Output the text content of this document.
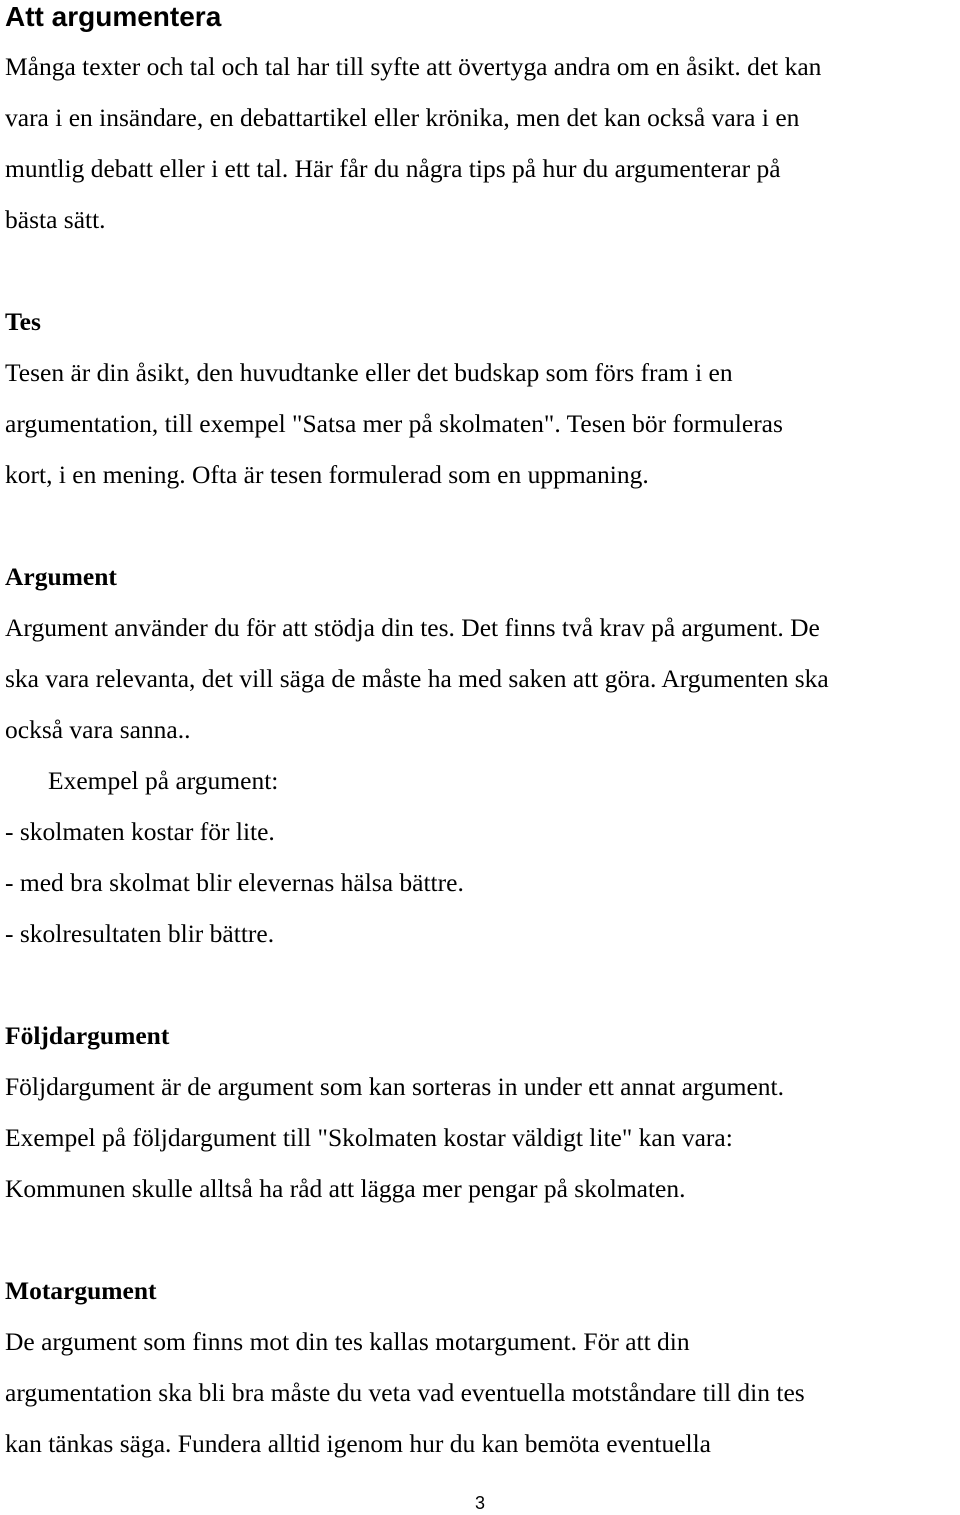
Att argumentera
Många texter och tal och tal har till syfte att övertyga andra om en åsikt. det kan
vara i en insändare, en debattartikel eller krönika, men det kan också vara i en
muntlig debatt eller i ett tal. Här får du några tips på hur du argumenterar på
bästa sätt.
Tes
Tesen är din åsikt, den huvudtanke eller det budskap som förs fram i en
argumentation, till exempel "Satsa mer på skolmaten". Tesen bör formuleras
kort, i en mening. Ofta är tesen formulerad som en uppmaning.
Argument
Argument använder du för att stödja din tes. Det finns två krav på argument. De
ska vara relevanta, det vill säga de måste ha med saken att göra. Argumenten ska
också vara sanna..
Exempel på argument:
- skolmaten kostar för lite.
- med bra skolmat blir elevernas hälsa bättre.
- skolresultaten blir bättre.
Följdargument
Följdargument är de argument som kan sorteras in under ett annat argument.
Exempel på följdargument till "Skolmaten kostar väldigt lite" kan vara:
Kommunen skulle alltså ha råd att lägga mer pengar på skolmaten.
Motargument
De argument som finns mot din tes kallas motargument. För att din
argumentation ska bli bra måste du veta vad eventuella motståndare till din tes
kan tänkas säga. Fundera alltid igenom hur du kan bemöta eventuella
3
